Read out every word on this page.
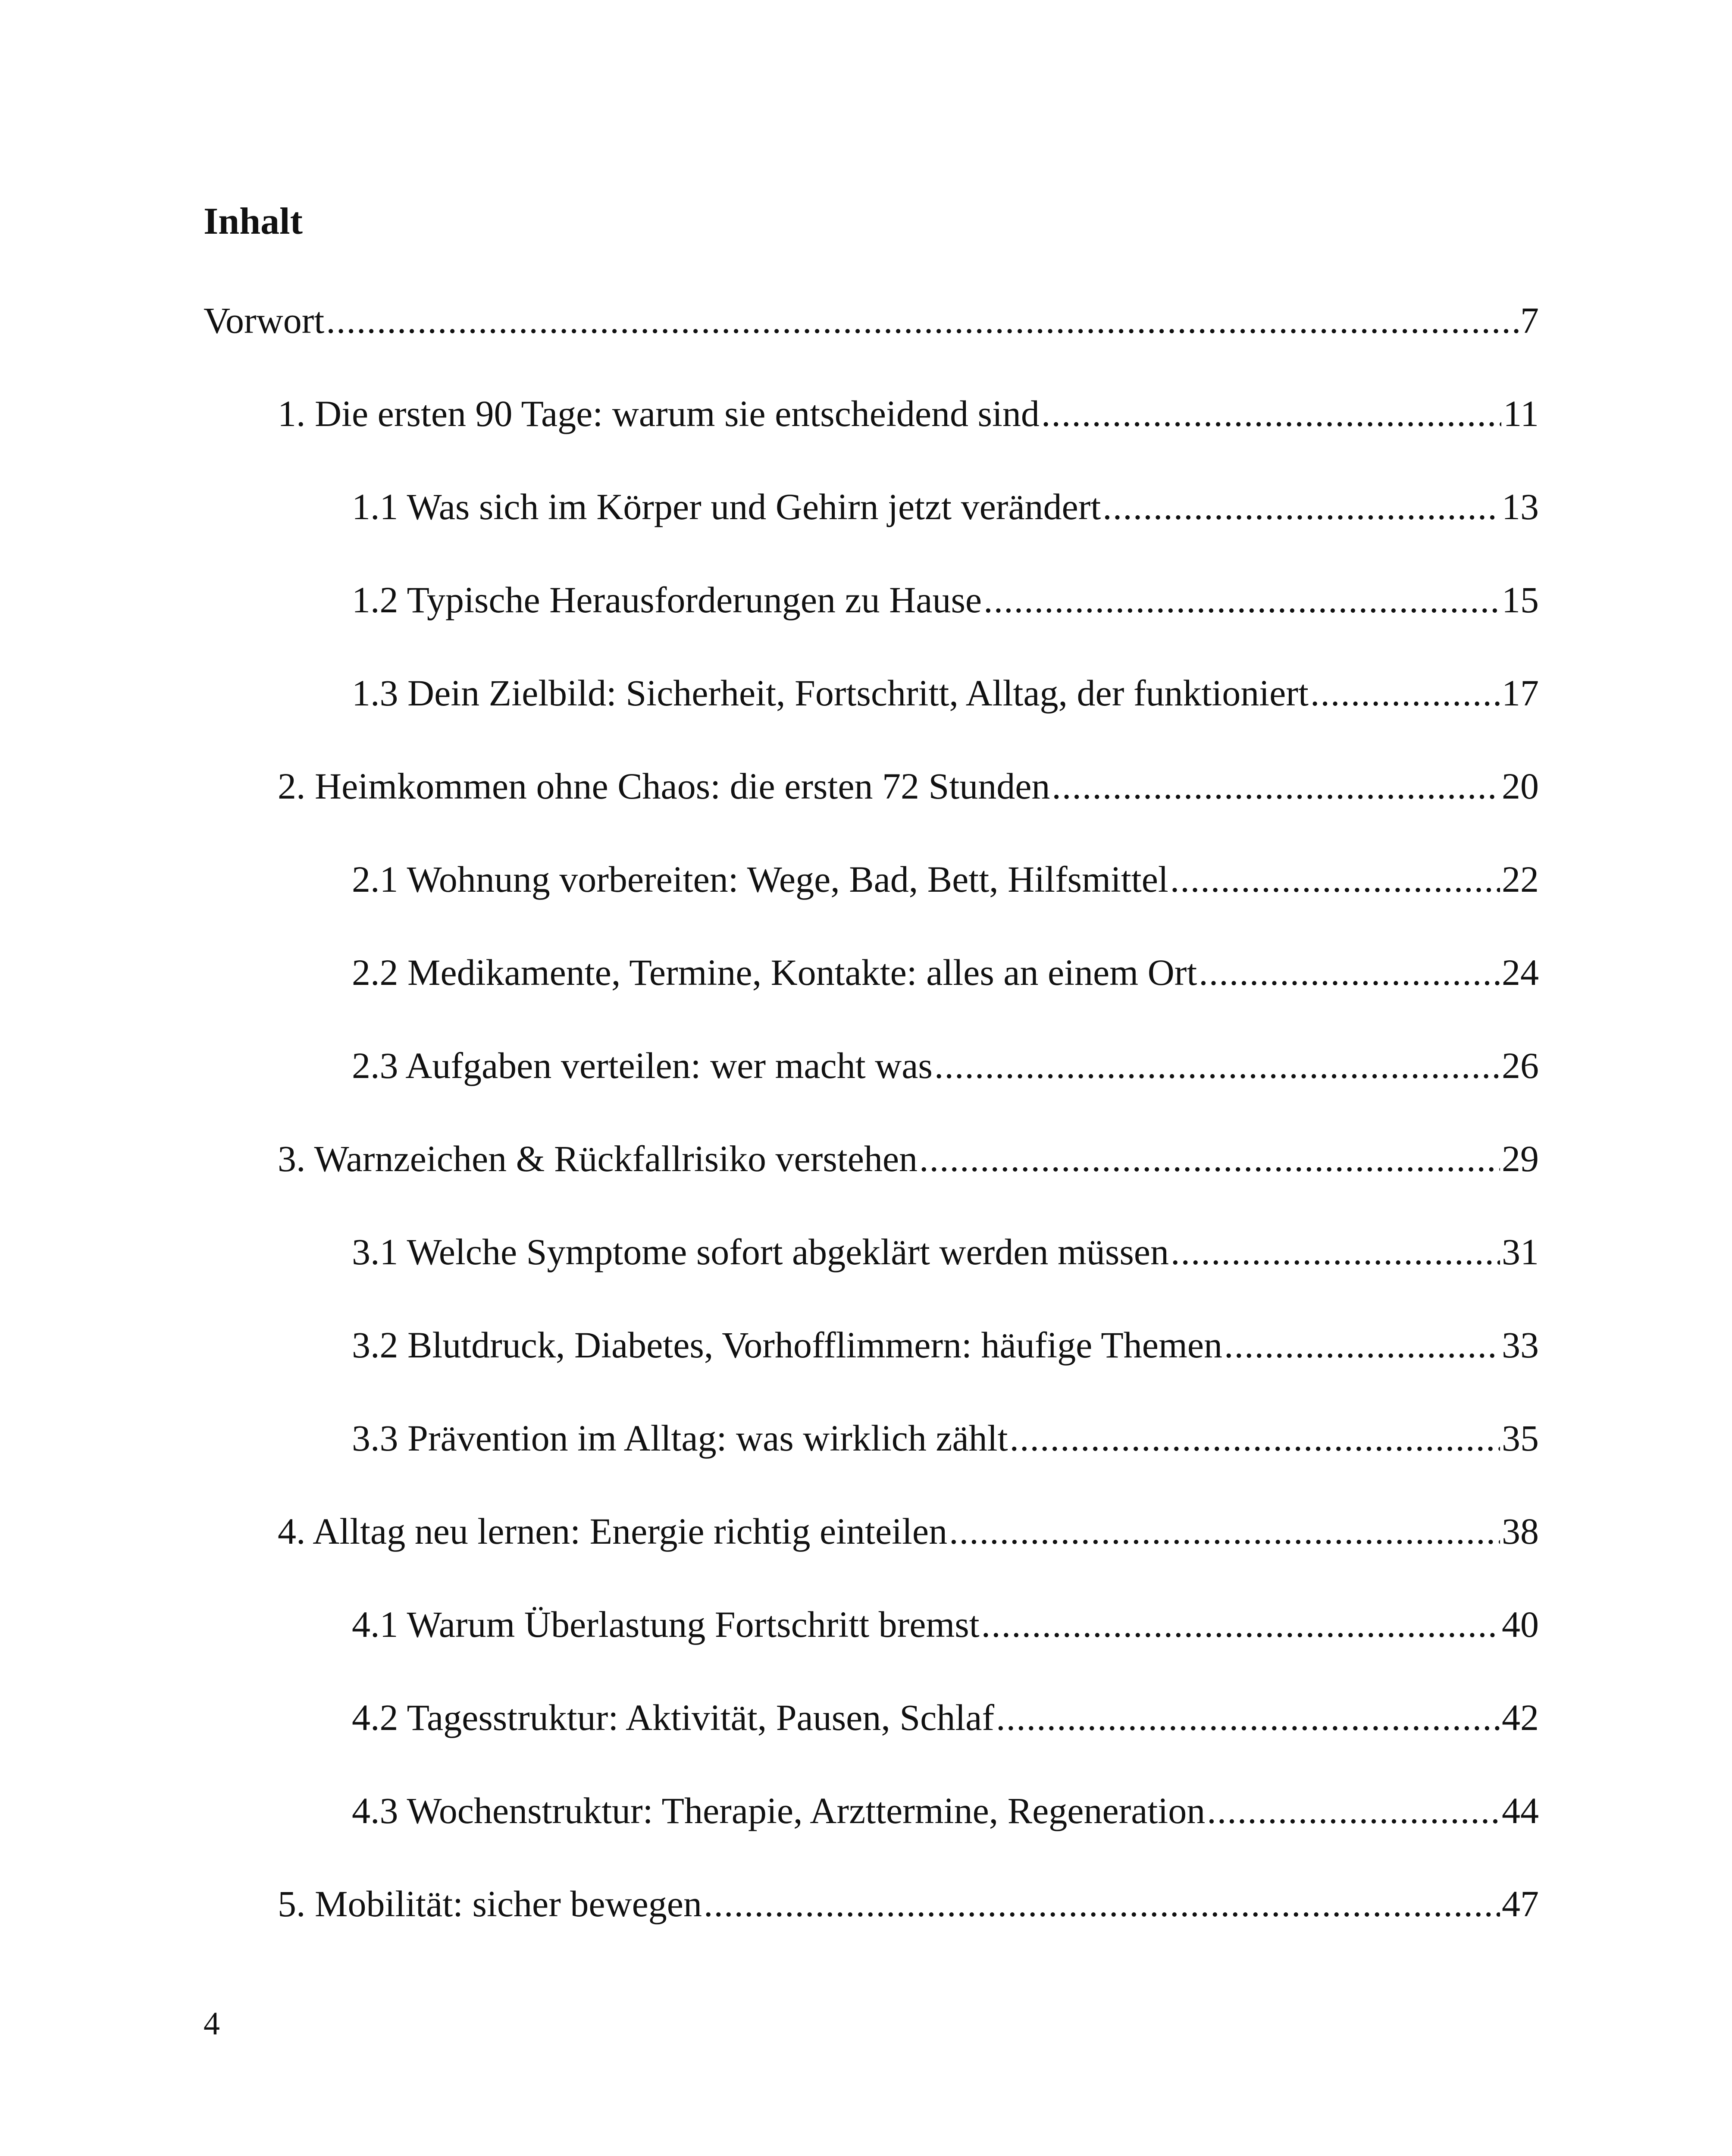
Inhalt
Vorwort .....	7
1. Die ersten 90 Tage: warum sie entscheidend sind .....	11
1.1 Was sich im Körper und Gehirn jetzt verändert .....	13
1.2 Typische Herausforderungen zu Hause .....	15
1.3 Dein Zielbild: Sicherheit, Fortschritt, Alltag, der funktioniert .....	17
2. Heimkommen ohne Chaos: die ersten 72 Stunden .....	20
2.1 Wohnung vorbereiten: Wege, Bad, Bett, Hilfsmittel .....	22
2.2 Medikamente, Termine, Kontakte: alles an einem Ort .....	24
2.3 Aufgaben verteilen: wer macht was .....	26
3. Warnzeichen & Rückfallrisiko verstehen .....	29
3.1 Welche Symptome sofort abgeklärt werden müssen .....	31
3.2 Blutdruck, Diabetes, Vorhofflimmern: häufige Themen .....	33
3.3 Prävention im Alltag: was wirklich zählt .....	35
4. Alltag neu lernen: Energie richtig einteilen .....	38
4.1 Warum Überlastung Fortschritt bremst .....	40
4.2 Tagesstruktur: Aktivität, Pausen, Schlaf .....	42
4.3 Wochenstruktur: Therapie, Arzttermine, Regeneration .....	44
5. Mobilität: sicher bewegen .....	47
4
